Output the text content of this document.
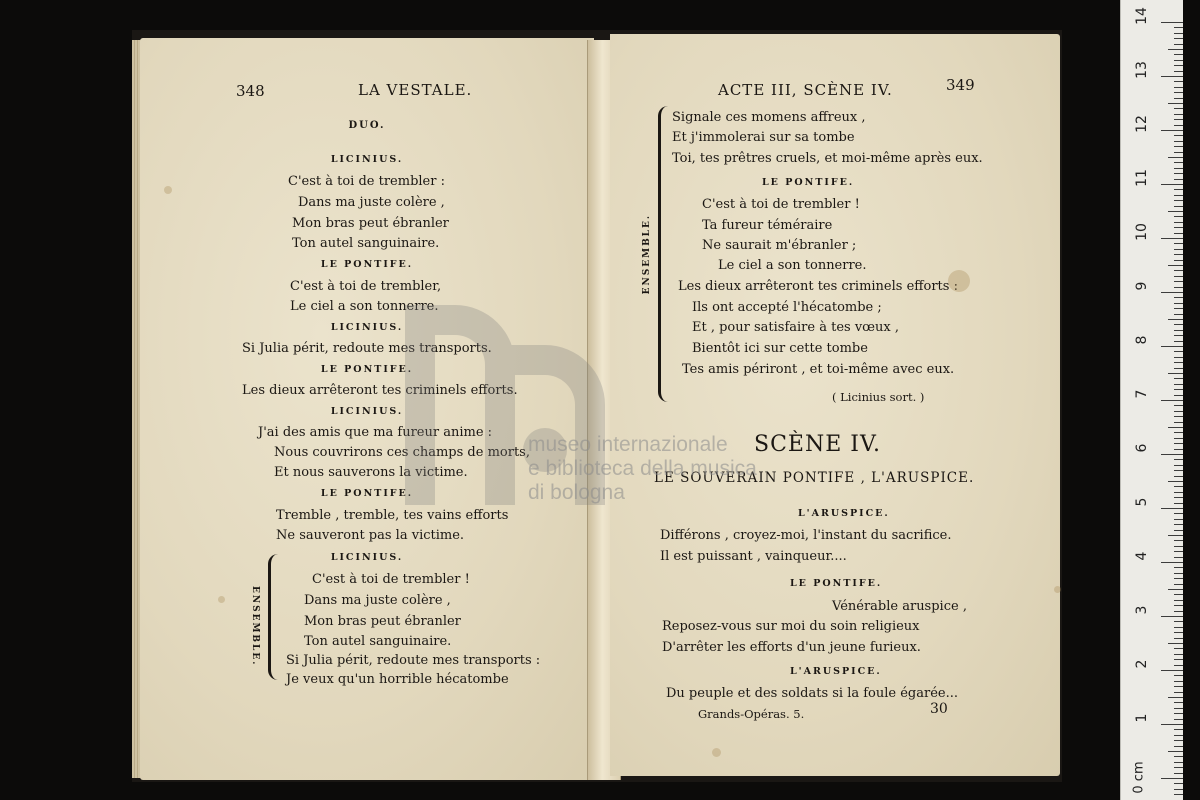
348	LA VESTALE.
DUO.
LICINIUS.
C'est à toi de trembler :
Dans ma juste colère ,
Mon bras peut ébranler
Ton autel sanguinaire.
LE PONTIFE.
C'est à toi de trembler,
Le ciel a son tonnerre.
LICINIUS.
Si Julia périt, redoute mes transports.
LE PONTIFE.
Les dieux arrêteront tes criminels efforts.
LICINIUS.
J'ai des amis que ma fureur anime :
Nous couvrirons ces champs de morts,
Et nous sauverons la victime.
LE PONTIFE.
Tremble , tremble, tes vains efforts
Ne sauveront pas la victime.
LICINIUS.
C'est à toi de trembler !
Dans ma juste colère ,
Mon bras peut ébranler
Ton autel sanguinaire.
Si Julia périt, redoute mes transports :
Je veux qu'un horrible hécatombe
ENSEMBLE.
ACTE III, SCÈNE IV.	349
Signale ces momens affreux ,
Et j'immolerai sur sa tombe
Toi, tes prêtres cruels, et moi-même après eux.
LE PONTIFE.
C'est à toi de trembler !
Ta fureur téméraire
Ne saurait m'ébranler ;
Le ciel a son tonnerre.
Les dieux arrêteront tes criminels efforts :
Ils ont accepté l'hécatombe ;
Et , pour satisfaire à tes vœux ,
Bientôt ici sur cette tombe
Tes amis périront , et toi-même avec eux.
( Licinius sort. )
ENSEMBLE.
SCÈNE IV.
LE SOUVERAIN PONTIFE , L'ARUSPICE.
L'ARUSPICE.
Différons , croyez-moi, l'instant du sacrifice.
Il est puissant , vainqueur....
LE PONTIFE.
Vénérable aruspice ,
Reposez-vous sur moi du soin religieux
D'arrêter les efforts d'un jeune furieux.
L'ARUSPICE.
Du peuple et des soldats si la foule égarée...
Grands-Opéras. 5.	30
museo internazionale
e biblioteca della musica
di bologna
14
13
12
11
10
9
8
7
6
5
4
3
2
1
0 cm
